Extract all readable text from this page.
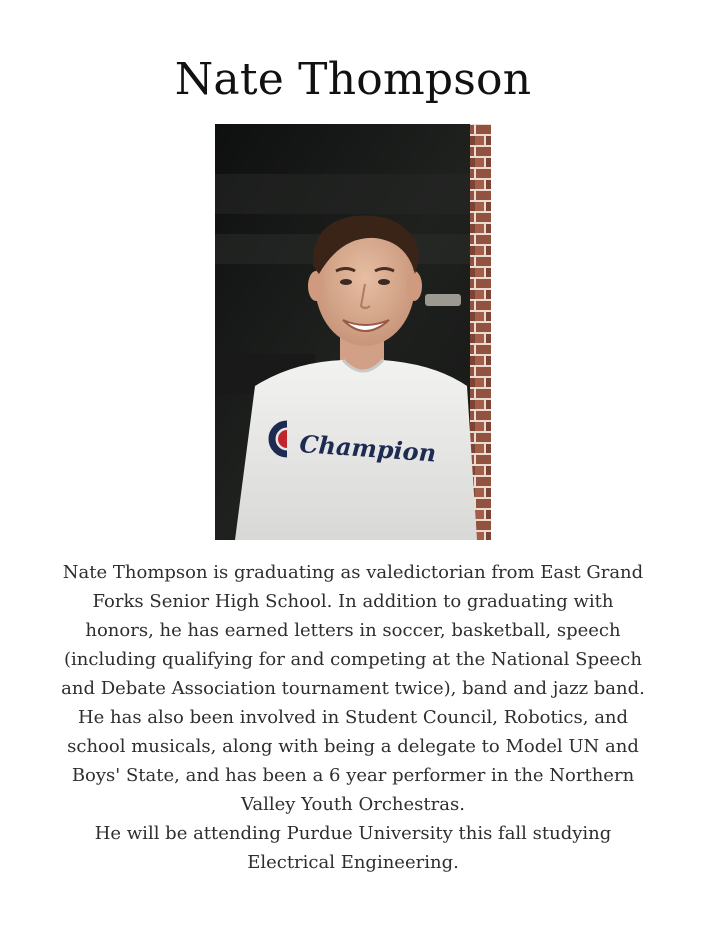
Nate Thompson
Champion

Nate Thompson is graduating as valedictorian from East Grand Forks Senior High School. In addition to graduating with honors, he has earned letters in soccer, basketball, speech (including qualifying for and competing at the National Speech and Debate Association tournament twice), band and jazz band. He has also been involved in Student Council, Robotics, and school musicals, along with being a delegate to Model UN and Boys' State, and has been a 6 year performer in the Northern Valley Youth Orchestras.

He will be attending Purdue University this fall studying Electrical Engineering.
